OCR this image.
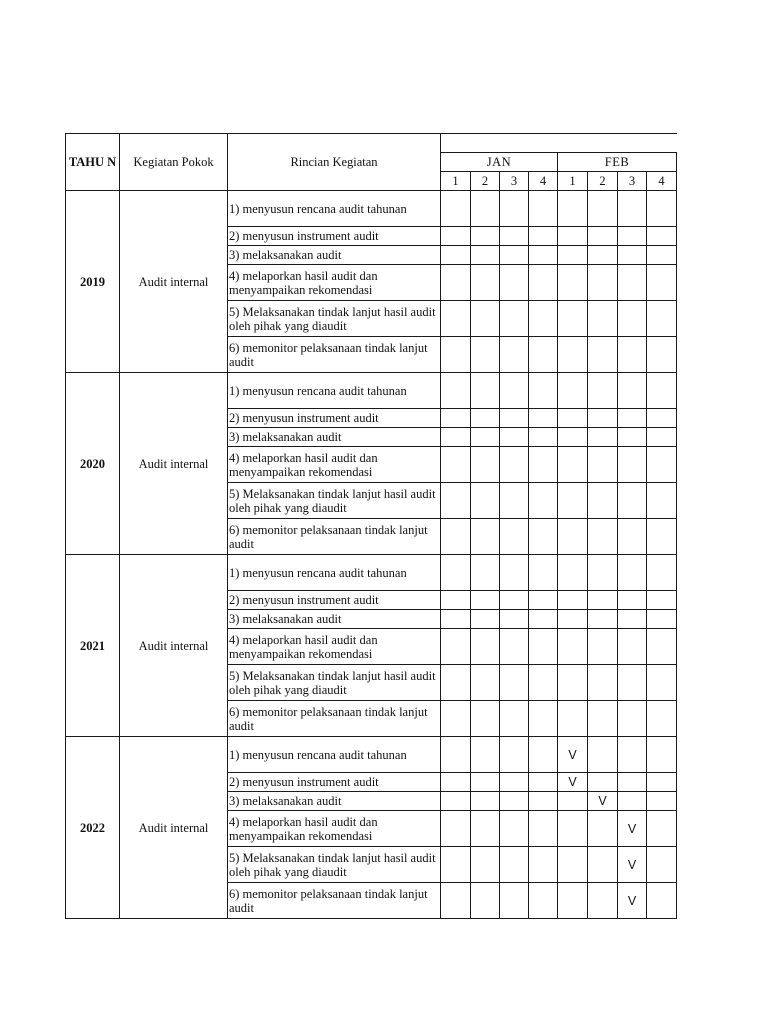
TAHU N	Kegiatan Pokok	Rincian Kegiatan								
			JAN				FEB			
			1	2	3	4	1	2	3	4
2019	Audit internal	1) menyusun rencana audit tahunan								
		2) menyusun instrument audit								
		3) melaksanakan audit								
		4) melaporkan hasil audit dan menyampaikan rekomendasi								
		5) Melaksanakan tindak lanjut hasil audit oleh pihak yang diaudit								
		6) memonitor pelaksanaan tindak lanjut audit								
2020	Audit internal	1) menyusun rencana audit tahunan								
		2) menyusun instrument audit								
		3) melaksanakan audit								
		4) melaporkan hasil audit dan menyampaikan rekomendasi								
		5) Melaksanakan tindak lanjut hasil audit oleh pihak yang diaudit								
		6) memonitor pelaksanaan tindak lanjut audit								
2021	Audit internal	1) menyusun rencana audit tahunan								
		2) menyusun instrument audit								
		3) melaksanakan audit								
		4) melaporkan hasil audit dan menyampaikan rekomendasi								
		5) Melaksanakan tindak lanjut hasil audit oleh pihak yang diaudit								
		6) memonitor pelaksanaan tindak lanjut audit								
2022	Audit internal	1) menyusun rencana audit tahunan					V			
		2) menyusun instrument audit					V			
		3) melaksanakan audit						V		
		4) melaporkan hasil audit dan menyampaikan rekomendasi							V	
		5) Melaksanakan tindak lanjut hasil audit oleh pihak yang diaudit							V	
		6) memonitor pelaksanaan tindak lanjut audit							V	
